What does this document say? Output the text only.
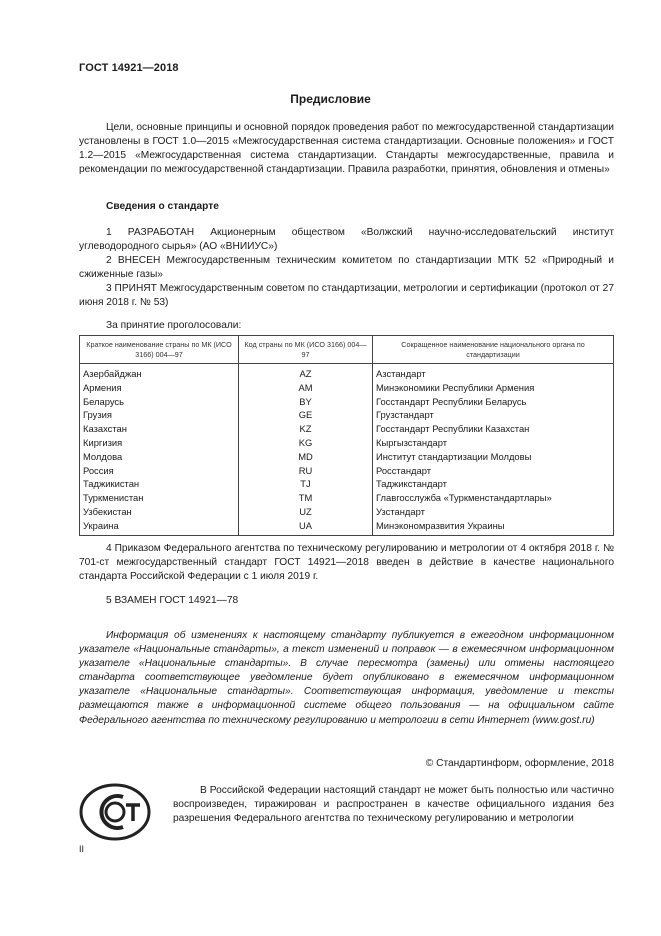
ГОСТ 14921—2018
Предисловие
Цели, основные принципы и основной порядок проведения работ по межгосударственной стандартизации установлены в ГОСТ 1.0—2015 «Межгосударственная система стандартизации. Основные положения» и ГОСТ 1.2—2015 «Межгосударственная система стандартизации. Стандарты межгосударственные, правила и рекомендации по межгосударственной стандартизации. Правила разработки, принятия, обновления и отмены»
Сведения о стандарте
1 РАЗРАБОТАН Акционерным обществом «Волжский научно-исследовательский институт углеводородного сырья» (АО «ВНИИУС»)
2 ВНЕСЕН Межгосударственным техническим комитетом по стандартизации МТК 52 «Природный и сжиженные газы»
3 ПРИНЯТ Межгосударственным советом по стандартизации, метрологии и сертификации (протокол от 27 июня 2018 г. № 53)
За принятие проголосовали:
Краткое наименование страны по МК (ИСО 3166) 004—97	Код страны по МК (ИСО 3166) 004—97	Сокращенное наименование национального органа по стандартизации
Азербайджан	AZ	Азстандарт
Армения	AM	Минэкономики Республики Армения
Беларусь	BY	Госстандарт Республики Беларусь
Грузия	GE	Грузстандарт
Казахстан	KZ	Госстандарт Республики Казахстан
Киргизия	KG	Кыргызстандарт
Молдова	MD	Институт стандартизации Молдовы
Россия	RU	Росстандарт
Таджикистан	TJ	Таджикстандарт
Туркменистан	TM	Главгосслужба «Туркменстандартлары»
Узбекистан	UZ	Узстандарт
Украина	UA	Минэкономразвития Украины
4 Приказом Федерального агентства по техническому регулированию и метрологии от 4 октября 2018 г. № 701-ст межгосударственный стандарт ГОСТ 14921—2018 введен в действие в качестве национального стандарта Российской Федерации с 1 июля 2019 г.
5 ВЗАМЕН ГОСТ 14921—78
Информация об изменениях к настоящему стандарту публикуется в ежегодном информационном указателе «Национальные стандарты», а текст изменений и поправок — в ежемесячном информационном указателе «Национальные стандарты». В случае пересмотра (замены) или отмены настоящего стандарта соответствующее уведомление будет опубликовано в ежемесячном информационном указателе «Национальные стандарты». Соответствующая информация, уведомление и тексты размещаются также в информационной системе общего пользования — на официальном сайте Федерального агентства по техническому регулированию и метрологии в сети Интернет (www.gost.ru)
© Стандартинформ, оформление, 2018
В Российской Федерации настоящий стандарт не может быть полностью или частично воспроизведен, тиражирован и распространен в качестве официального издания без разрешения Федерального агентства по техническому регулированию и метрологии
II
